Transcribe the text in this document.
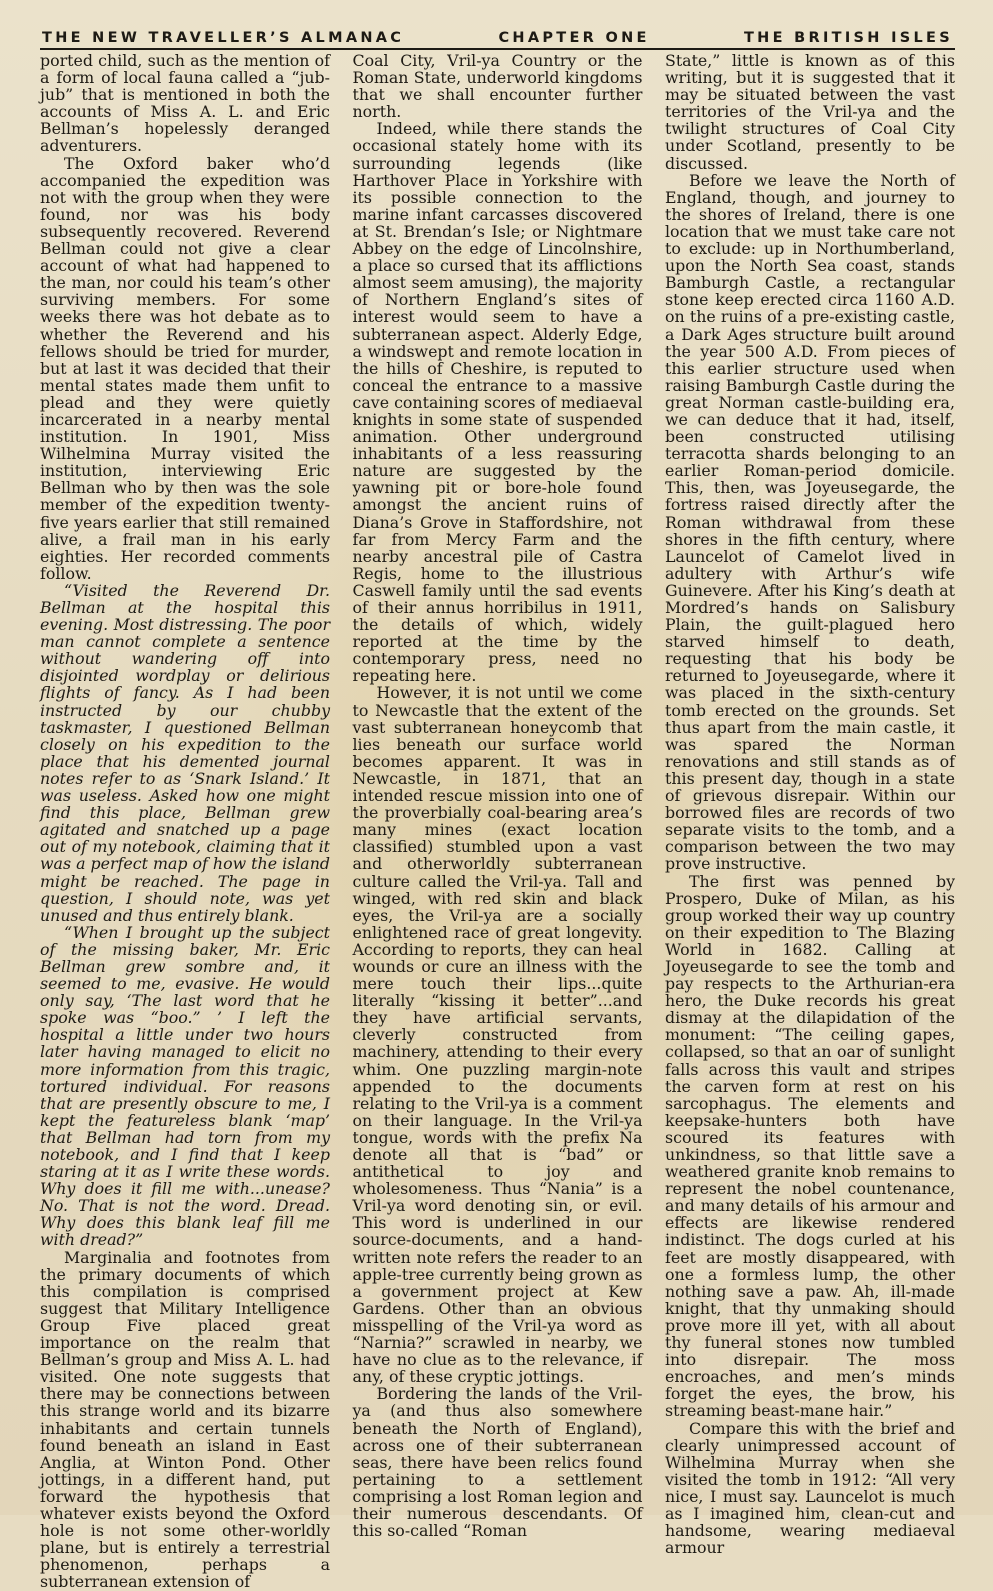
THE NEW TRAVELLER’S ALMANAC	CHAPTER ONE	THE BRITISH ISLES

ported child, such as the mention of a form of local fauna called a “jub-jub” that is mentioned in both the accounts of Miss A. L. and Eric Bellman’s hopelessly deranged adventurers.

The Oxford baker who’d accompanied the expedition was not with the group when they were found, nor was his body subsequently recovered. Reverend Bellman could not give a clear account of what had happened to the man, nor could his team’s other surviving members. For some weeks there was hot debate as to whether the Reverend and his fellows should be tried for murder, but at last it was decided that their mental states made them unfit to plead and they were quietly incarcerated in a nearby mental institution. In 1901, Miss Wilhelmina Murray visited the institution, interviewing Eric Bellman who by then was the sole member of the expedition twenty-five years earlier that still remained alive, a frail man in his early eighties. Her recorded comments follow.

“Visited the Reverend Dr. Bellman at the hospital this evening. Most distressing. The poor man cannot complete a sentence without wandering off into disjointed wordplay or delirious flights of fancy. As I had been instructed by our chubby taskmaster, I questioned Bellman closely on his expedition to the place that his demented journal notes refer to as ‘Snark Island.’ It was useless. Asked how one might find this place, Bellman grew agitated and snatched up a page out of my notebook, claiming that it was a perfect map of how the island might be reached. The page in question, I should note, was yet unused and thus entirely blank.

“When I brought up the subject of the missing baker, Mr. Eric Bellman grew sombre and, it seemed to me, evasive. He would only say, ‘The last word that he spoke was “boo.” ’ I left the hospital a little under two hours later having managed to elicit no more information from this tragic, tortured individual. For reasons that are presently obscure to me, I kept the featureless blank ‘map’ that Bellman had torn from my notebook, and I find that I keep staring at it as I write these words. Why does it fill me with...unease? No. That is not the word. Dread. Why does this blank leaf fill me with dread?”

Marginalia and footnotes from the primary documents of which this compilation is comprised suggest that Military Intelligence Group Five placed great importance on the realm that Bellman’s group and Miss A. L. had visited. One note suggests that there may be connections between this strange world and its bizarre inhabitants and certain tunnels found beneath an island in East Anglia, at Winton Pond. Other jottings, in a different hand, put forward the hypothesis that whatever exists beyond the Oxford hole is not some other-worldly plane, but is entirely a terrestrial phenomenon, perhaps a subterranean extension of

Coal City, Vril-ya Country or the Roman State, underworld kingdoms that we shall encounter further north.

Indeed, while there stands the occasional stately home with its surrounding legends (like Harthover Place in Yorkshire with its possible connection to the marine infant carcasses discovered at St. Brendan’s Isle; or Nightmare Abbey on the edge of Lincolnshire, a place so cursed that its afflictions almost seem amusing), the majority of Northern England’s sites of interest would seem to have a subterranean aspect. Alderly Edge, a windswept and remote location in the hills of Cheshire, is reputed to conceal the entrance to a massive cave containing scores of mediaeval knights in some state of suspended animation. Other underground inhabitants of a less reassuring nature are suggested by the yawning pit or bore-hole found amongst the ancient ruins of Diana’s Grove in Staffordshire, not far from Mercy Farm and the nearby ancestral pile of Castra Regis, home to the illustrious Caswell family until the sad events of their annus horribilus in 1911, the details of which, widely reported at the time by the contemporary press, need no repeating here.

However, it is not until we come to Newcastle that the extent of the vast subterranean honeycomb that lies beneath our surface world becomes apparent. It was in Newcastle, in 1871, that an intended rescue mission into one of the proverbially coal-bearing area’s many mines (exact location classified) stumbled upon a vast and otherworldly subterranean culture called the Vril-ya. Tall and winged, with red skin and black eyes, the Vril-ya are a socially enlightened race of great longevity. According to reports, they can heal wounds or cure an illness with the mere touch their lips...quite literally “kissing it better”...and they have artificial servants, cleverly constructed from machinery, attending to their every whim. One puzzling margin-note appended to the documents relating to the Vril-ya is a comment on their language. In the Vril-ya tongue, words with the prefix Na denote all that is “bad” or antithetical to joy and wholesomeness. Thus “Nania” is a Vril-ya word denoting sin, or evil. This word is underlined in our source-documents, and a hand-written note refers the reader to an apple-tree currently being grown as a government project at Kew Gardens. Other than an obvious misspelling of the Vril-ya word as “Narnia?” scrawled in nearby, we have no clue as to the relevance, if any, of these cryptic jottings.

Bordering the lands of the Vril-ya (and thus also somewhere beneath the North of England), across one of their subterranean seas, there have been relics found pertaining to a settlement comprising a lost Roman legion and their numerous descendants. Of this so-called “Roman

State,” little is known as of this writing, but it is suggested that it may be situated between the vast territories of the Vril-ya and the twilight structures of Coal City under Scotland, presently to be discussed.

Before we leave the North of England, though, and journey to the shores of Ireland, there is one location that we must take care not to exclude: up in Northumberland, upon the North Sea coast, stands Bamburgh Castle, a rectangular stone keep erected circa 1160 A.D. on the ruins of a pre-existing castle, a Dark Ages structure built around the year 500 A.D. From pieces of this earlier structure used when raising Bamburgh Castle during the great Norman castle-building era, we can deduce that it had, itself, been constructed utilising terracotta shards belonging to an earlier Roman-period domicile. This, then, was Joyeusegarde, the fortress raised directly after the Roman withdrawal from these shores in the fifth century, where Launcelot of Camelot lived in adultery with Arthur’s wife Guinevere. After his King’s death at Mordred’s hands on Salisbury Plain, the guilt-plagued hero starved himself to death, requesting that his body be returned to Joyeusegarde, where it was placed in the sixth-century tomb erected on the grounds. Set thus apart from the main castle, it was spared the Norman renovations and still stands as of this present day, though in a state of grievous disrepair. Within our borrowed files are records of two separate visits to the tomb, and a comparison between the two may prove instructive.

The first was penned by Prospero, Duke of Milan, as his group worked their way up country on their expedition to The Blazing World in 1682. Calling at Joyeusegarde to see the tomb and pay respects to the Arthurian-era hero, the Duke records his great dismay at the dilapidation of the monument: “The ceiling gapes, collapsed, so that an oar of sunlight falls across this vault and stripes the carven form at rest on his sarcophagus. The elements and keepsake-hunters both have scoured its features with unkindness, so that little save a weathered granite knob remains to represent the nobel countenance, and many details of his armour and effects are likewise rendered indistinct. The dogs curled at his feet are mostly disappeared, with one a formless lump, the other nothing save a paw. Ah, ill-made knight, that thy unmaking should prove more ill yet, with all about thy funeral stones now tumbled into disrepair. The moss encroaches, and men’s minds forget the eyes, the brow, his streaming beast-mane hair.”

Compare this with the brief and clearly unimpressed account of Wilhelmina Murray when she visited the tomb in 1912: “All very nice, I must say. Launcelot is much as I imagined him, clean-cut and handsome, wearing mediaeval armour
